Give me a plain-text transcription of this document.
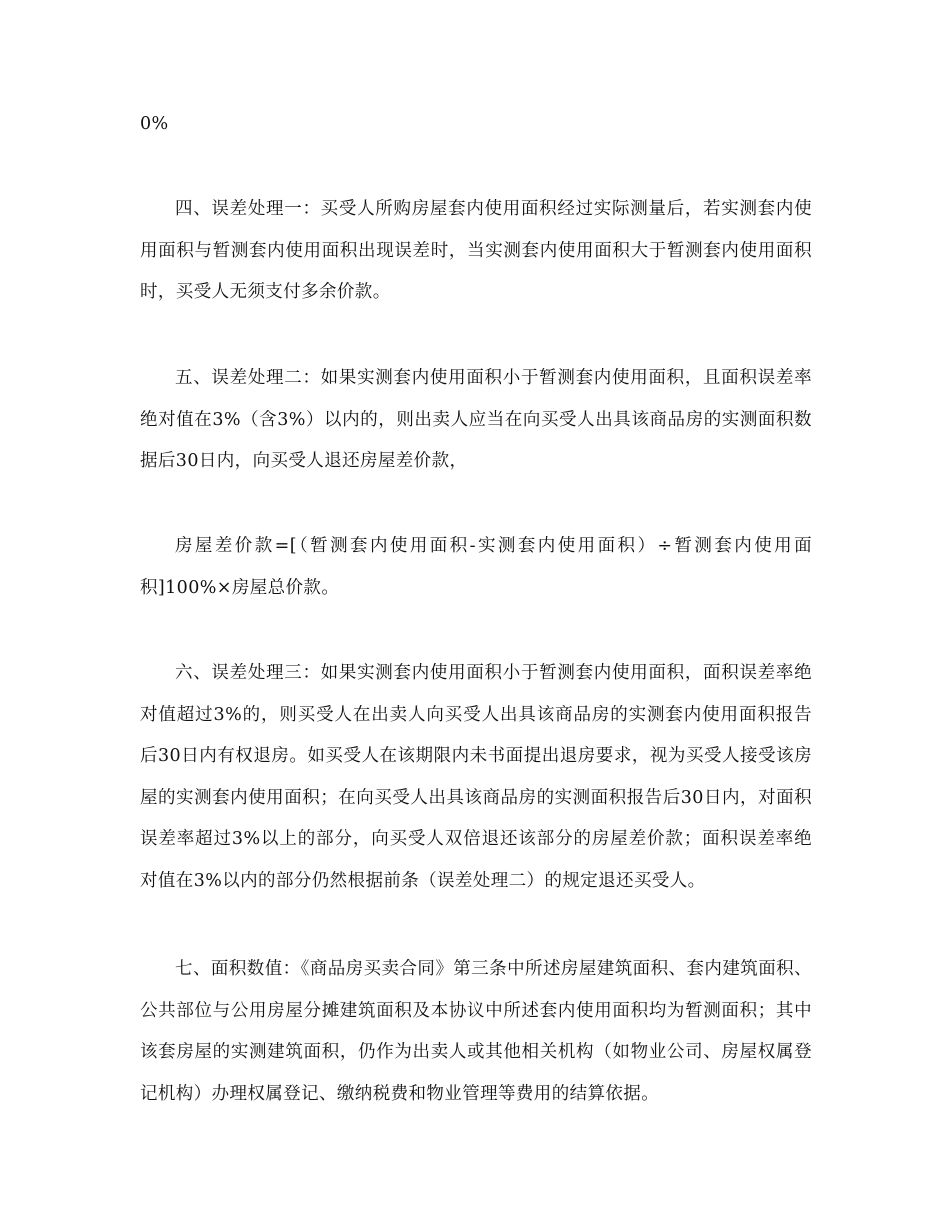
0%

四、误差处理一：买受人所购房屋套内使用面积经过实际测量后，若实测套内使用面积与暂测套内使用面积出现误差时，当实测套内使用面积大于暂测套内使用面积时，买受人无须支付多余价款。

五、误差处理二：如果实测套内使用面积小于暂测套内使用面积，且面积误差率绝对值在3%（含3%）以内的，则出卖人应当在向买受人出具该商品房的实测面积数据后30日内，向买受人退还房屋差价款，

房屋差价款=[（暂测套内使用面积-实测套内使用面积）÷暂测套内使用面积]100%×房屋总价款。

六、误差处理三：如果实测套内使用面积小于暂测套内使用面积，面积误差率绝对值超过3%的，则买受人在出卖人向买受人出具该商品房的实测套内使用面积报告后30日内有权退房。如买受人在该期限内未书面提出退房要求，视为买受人接受该房屋的实测套内使用面积；在向买受人出具该商品房的实测面积报告后30日内，对面积误差率超过3%以上的部分，向买受人双倍退还该部分的房屋差价款；面积误差率绝对值在3%以内的部分仍然根据前条（误差处理二）的规定退还买受人。

七、面积数值：《商品房买卖合同》第三条中所述房屋建筑面积、套内建筑面积、公共部位与公用房屋分摊建筑面积及本协议中所述套内使用面积均为暂测面积；其中该套房屋的实测建筑面积，仍作为出卖人或其他相关机构（如物业公司、房屋权属登记机构）办理权属登记、缴纳税费和物业管理等费用的结算依据。
